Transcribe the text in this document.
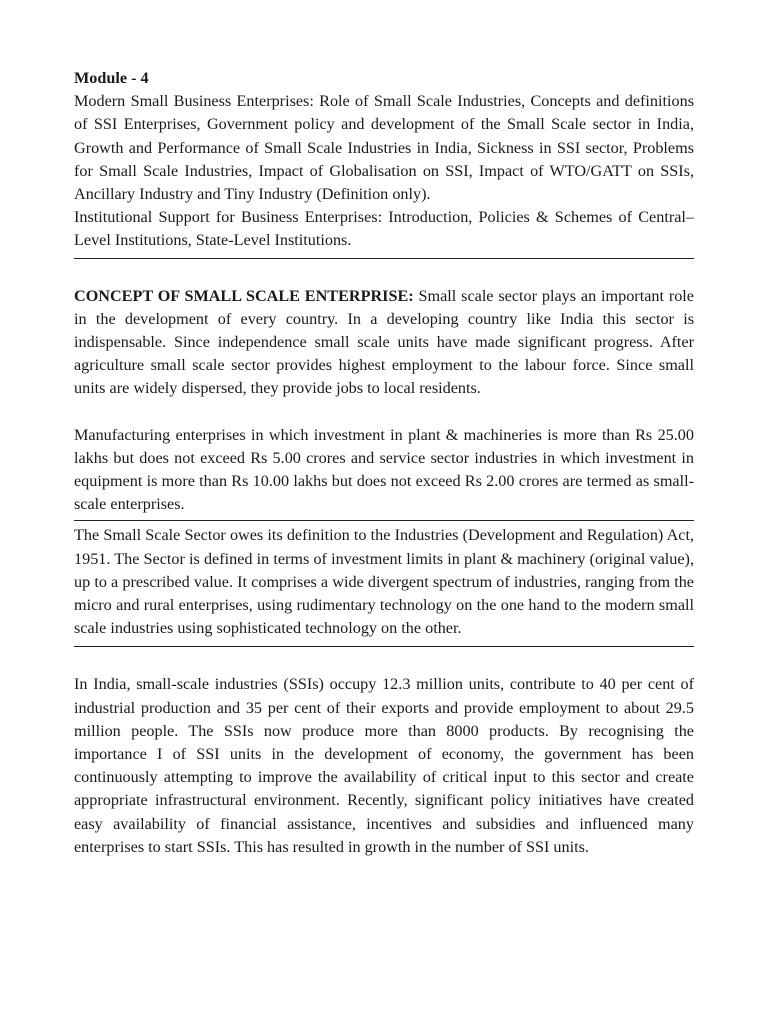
Module - 4

Modern Small Business Enterprises: Role of Small Scale Industries, Concepts and definitions of SSI Enterprises, Government policy and development of the Small Scale sector in India, Growth and Performance of Small Scale Industries in India, Sickness in SSI sector, Problems for Small Scale Industries, Impact of Globalisation on SSI, Impact of WTO/GATT on SSIs, Ancillary Industry and Tiny Industry (Definition only).

Institutional Support for Business Enterprises: Introduction, Policies & Schemes of Central–Level Institutions, State-Level Institutions.

CONCEPT OF SMALL SCALE ENTERPRISE: Small scale sector plays an important role in the development of every country. In a developing country like India this sector is indispensable. Since independence small scale units have made significant progress. After agriculture small scale sector provides highest employment to the labour force. Since small units are widely dispersed, they provide jobs to local residents.

Manufacturing enterprises in which investment in plant & machineries is more than Rs 25.00 lakhs but does not exceed Rs 5.00 crores and service sector industries in which investment in equipment is more than Rs 10.00 lakhs but does not exceed Rs 2.00 crores are termed as small-scale enterprises.

The Small Scale Sector owes its definition to the Industries (Development and Regulation) Act, 1951. The Sector is defined in terms of investment limits in plant & machinery (original value), up to a prescribed value. It comprises a wide divergent spectrum of industries, ranging from the micro and rural enterprises, using rudimentary technology on the one hand to the modern small scale industries using sophisticated technology on the other.

In India, small-scale industries (SSIs) occupy 12.3 million units, contribute to 40 per cent of industrial production and 35 per cent of their exports and provide employment to about 29.5 million people. The SSIs now produce more than 8000 products. By recognising the importance I of SSI units in the development of economy, the government has been continuously attempting to improve the availability of critical input to this sector and create appropriate infrastructural environment. Recently, significant policy initiatives have created easy availability of financial assistance, incentives and subsidies and influenced many enterprises to start SSIs. This has resulted in growth in the number of SSI units.
